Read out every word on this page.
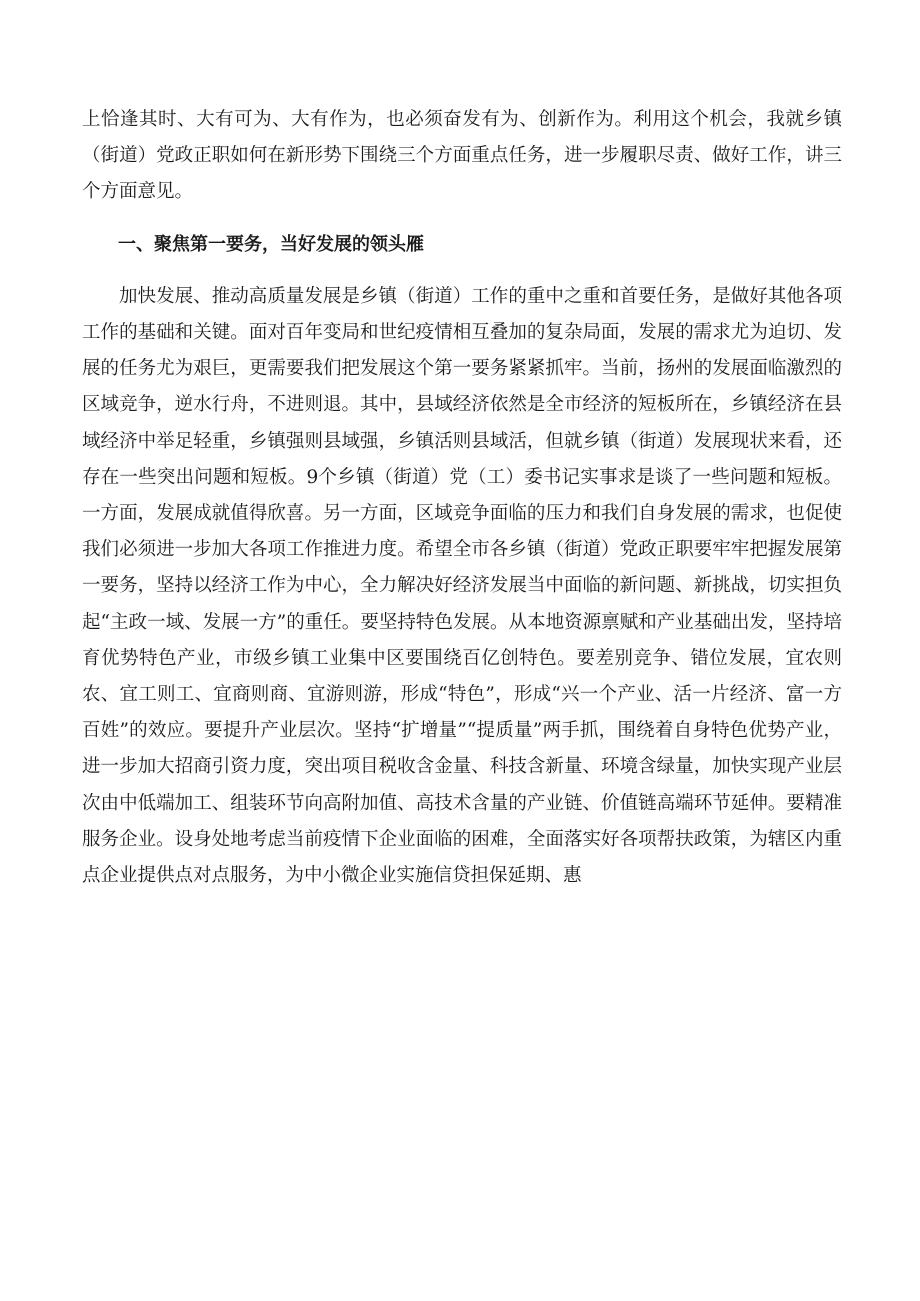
上恰逢其时、大有可为、大有作为，也必须奋发有为、创新作为。利用这个机会，我就乡镇（街道）党政正职如何在新形势下围绕三个方面重点任务，进一步履职尽责、做好工作，讲三个方面意见。

一、聚焦第一要务，当好发展的领头雁

加快发展、推动高质量发展是乡镇（街道）工作的重中之重和首要任务，是做好其他各项工作的基础和关键。面对百年变局和世纪疫情相互叠加的复杂局面，发展的需求尤为迫切、发展的任务尤为艰巨，更需要我们把发展这个第一要务紧紧抓牢。当前，扬州的发展面临激烈的区域竞争，逆水行舟，不进则退。其中，县域经济依然是全市经济的短板所在，乡镇经济在县域经济中举足轻重，乡镇强则县域强，乡镇活则县域活，但就乡镇（街道）发展现状来看，还存在一些突出问题和短板。9个乡镇（街道）党（工）委书记实事求是谈了一些问题和短板。一方面，发展成就值得欣喜。另一方面，区域竞争面临的压力和我们自身发展的需求，也促使我们必须进一步加大各项工作推进力度。希望全市各乡镇（街道）党政正职要牢牢把握发展第一要务，坚持以经济工作为中心，全力解决好经济发展当中面临的新问题、新挑战，切实担负起“主政一域、发展一方”的重任。要坚持特色发展。从本地资源禀赋和产业基础出发，坚持培育优势特色产业，市级乡镇工业集中区要围绕百亿创特色。要差别竞争、错位发展，宜农则农、宜工则工、宜商则商、宜游则游，形成“特色”，形成“兴一个产业、活一片经济、富一方百姓”的效应。要提升产业层次。坚持“扩增量”“提质量”两手抓，围绕着自身特色优势产业，进一步加大招商引资力度，突出项目税收含金量、科技含新量、环境含绿量，加快实现产业层次由中低端加工、组装环节向高附加值、高技术含量的产业链、价值链高端环节延伸。要精准服务企业。设身处地考虑当前疫情下企业面临的困难，全面落实好各项帮扶政策，为辖区内重点企业提供点对点服务，为中小微企业实施信贷担保延期、惠
